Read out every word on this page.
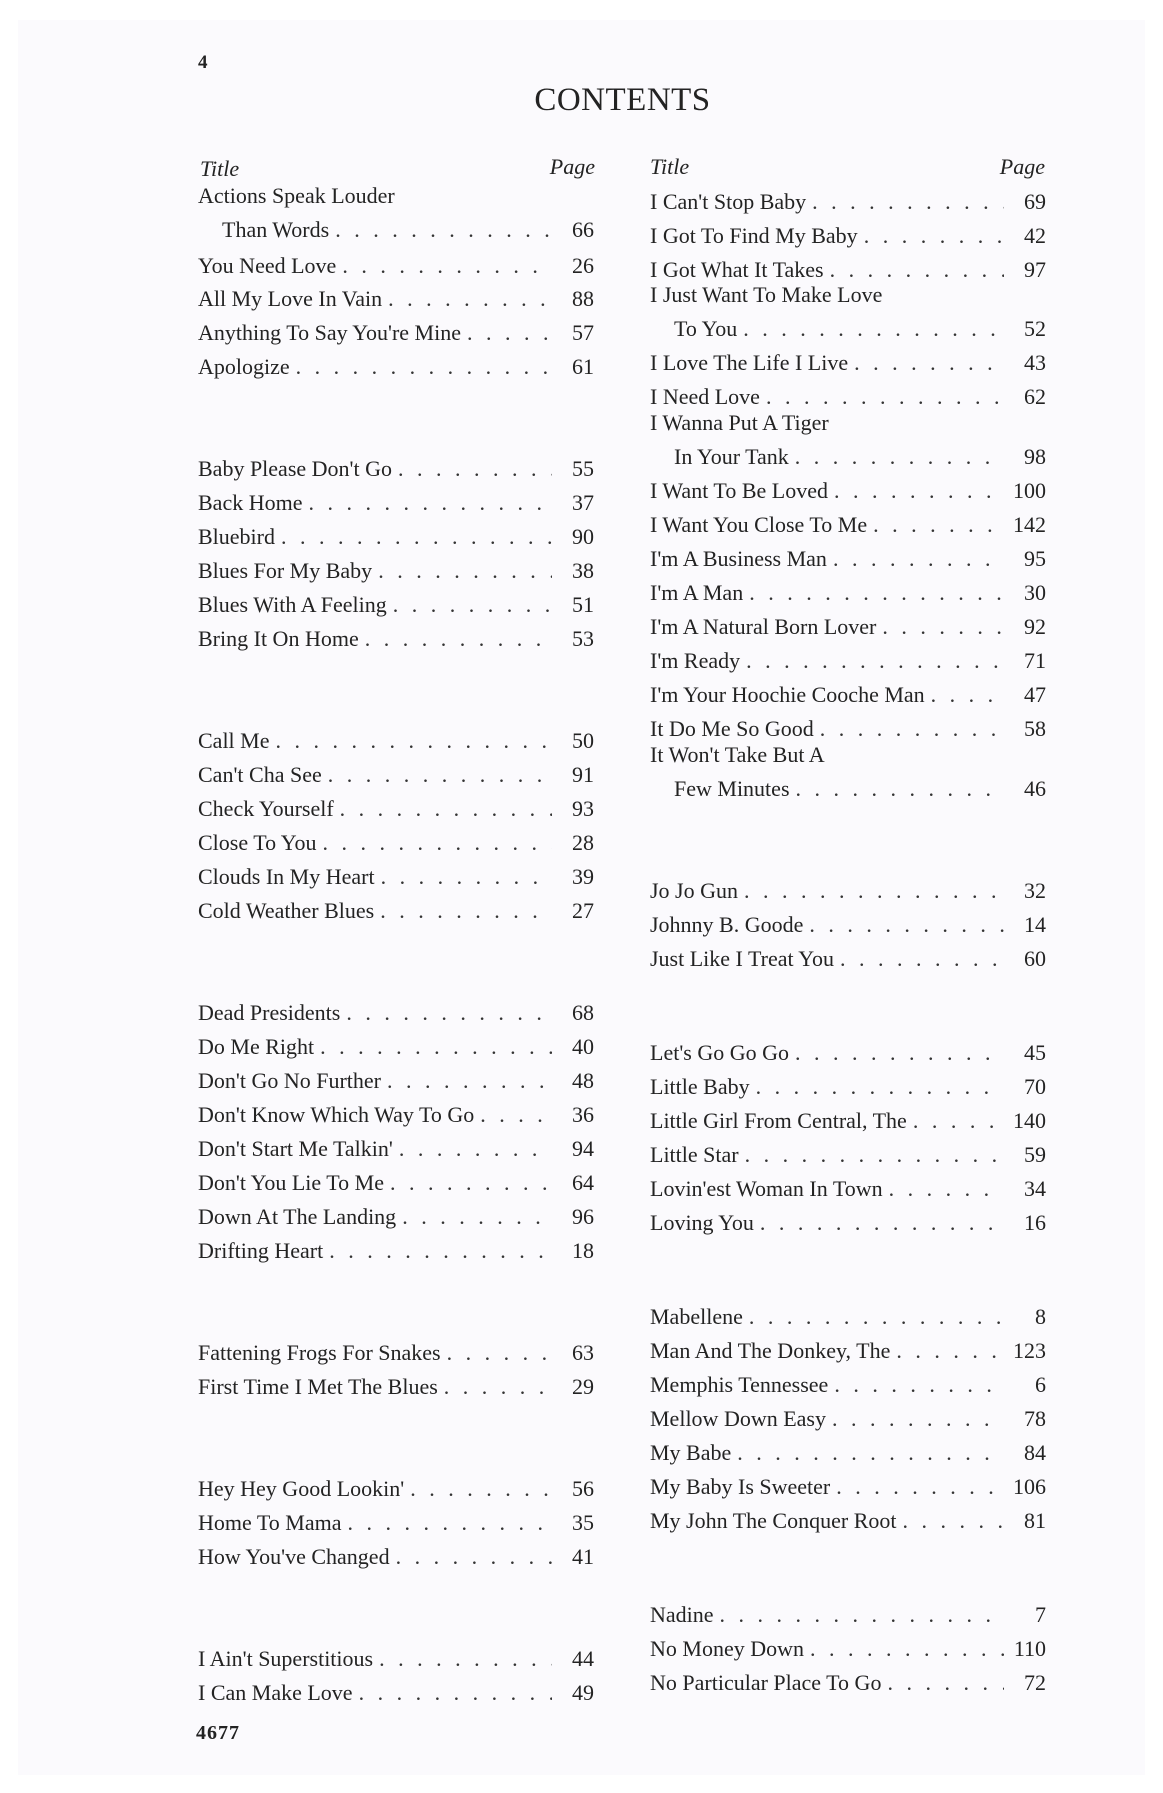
4
CONTENTS
Title	Page	Title	Page
Actions Speak Louder
Than Words . . .	66
You Need Love . . .	26
All My Love In Vain . . .	88
Anything To Say You're Mine . . .	57
Apologize . . .	61
Baby Please Don't Go . . .	55
Back Home . . .	37
Bluebird . . .	90
Blues For My Baby . . .	38
Blues With A Feeling . . .	51
Bring It On Home . . .	53
Call Me . . .	50
Can't Cha See . . .	91
Check Yourself . . .	93
Close To You . . .	28
Clouds In My Heart . . .	39
Cold Weather Blues . . .	27
Dead Presidents . . .	68
Do Me Right . . .	40
Don't Go No Further . . .	48
Don't Know Which Way To Go . . .	36
Don't Start Me Talkin' . . .	94
Don't You Lie To Me . . .	64
Down At The Landing . . .	96
Drifting Heart . . .	18
Fattening Frogs For Snakes . . .	63
First Time I Met The Blues . . .	29
Hey Hey Good Lookin' . . .	56
Home To Mama . . .	35
How You've Changed . . .	41
I Ain't Superstitious . . .	44
I Can Make Love . . .	49
I Can't Stop Baby . . .	69
I Got To Find My Baby . . .	42
I Got What It Takes . . .	97
I Just Want To Make Love
To You . . .	52
I Love The Life I Live . . .	43
I Need Love . . .	62
I Wanna Put A Tiger
In Your Tank . . .	98
I Want To Be Loved . . .	100
I Want You Close To Me . . .	142
I'm A Business Man . . .	95
I'm A Man . . .	30
I'm A Natural Born Lover . . .	92
I'm Ready . . .	71
I'm Your Hoochie Cooche Man . . .	47
It Do Me So Good . . .	58
It Won't Take But A
Few Minutes . . .	46
Jo Jo Gun . . .	32
Johnny B. Goode . . .	14
Just Like I Treat You . . .	60
Let's Go Go Go . . .	45
Little Baby . . .	70
Little Girl From Central, The . . .	140
Little Star . . .	59
Lovin'est Woman In Town . . .	34
Loving You . . .	16
Mabellene . . .	8
Man And The Donkey, The . . .	123
Memphis Tennessee . . .	6
Mellow Down Easy . . .	78
My Babe . . .	84
My Baby Is Sweeter . . .	106
My John The Conquer Root . . .	81
Nadine . . .	7
No Money Down . . .	110
No Particular Place To Go . . .	72
4677
